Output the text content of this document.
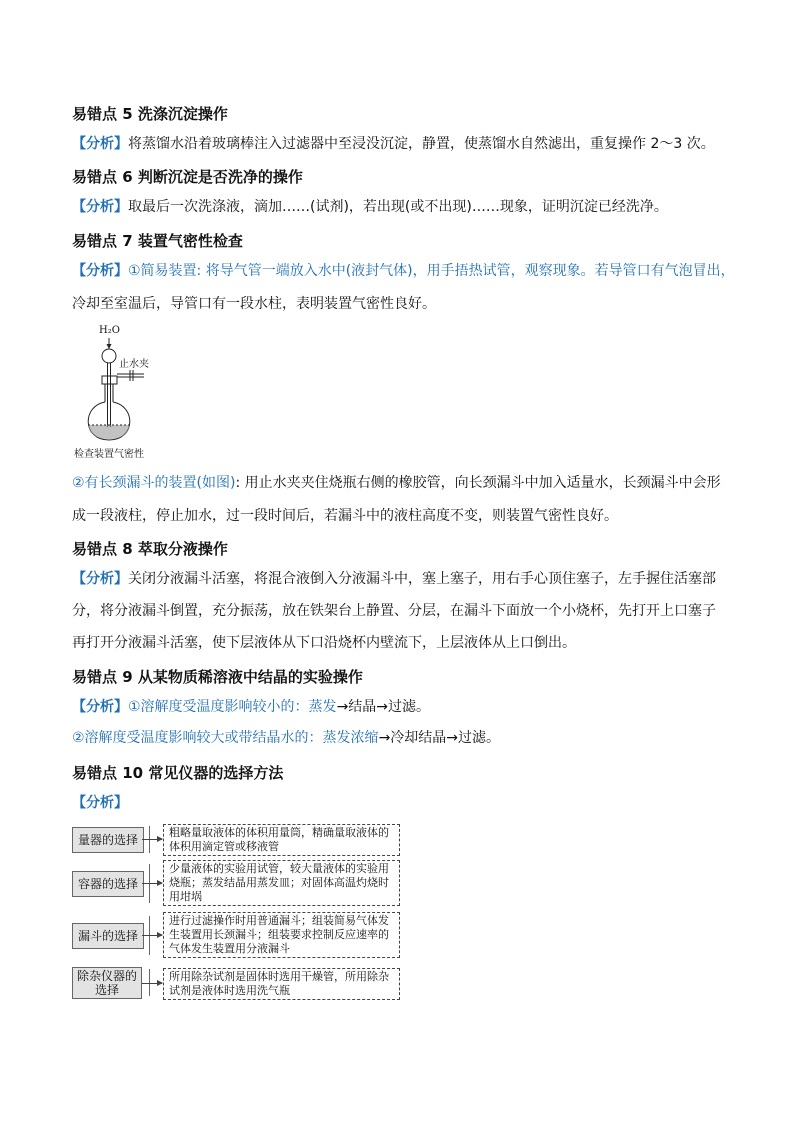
易错点 5 洗涤沉淀操作
【分析】将蒸馏水沿着玻璃棒注入过滤器中至浸没沉淀，静置，使蒸馏水自然滤出，重复操作 2～3 次。
易错点 6 判断沉淀是否洗净的操作
【分析】取最后一次洗涤液，滴加……(试剂)，若出现(或不出现)……现象，证明沉淀已经洗净。
易错点 7 装置气密性检查
【分析】①简易装置: 将导气管一端放入水中(液封气体)，用手捂热试管，观察现象。若导管口有气泡冒出，
冷却至室温后，导管口有一段水柱，表明装置气密性良好。
H₂O
止水夹
检查装置气密性
②有长颈漏斗的装置(如图): 用止水夹夹住烧瓶右侧的橡胶管，向长颈漏斗中加入适量水，长颈漏斗中会形
成一段液柱，停止加水，过一段时间后，若漏斗中的液柱高度不变，则装置气密性良好。
易错点 8 萃取分液操作
【分析】关闭分液漏斗活塞，将混合液倒入分液漏斗中，塞上塞子，用右手心顶住塞子，左手握住活塞部
分，将分液漏斗倒置，充分振荡，放在铁架台上静置、分层，在漏斗下面放一个小烧杯，先打开上口塞子
再打开分液漏斗活塞，使下层液体从下口沿烧杯内壁流下，上层液体从上口倒出。
易错点 9 从某物质稀溶液中结晶的实验操作
【分析】①溶解度受温度影响较小的：蒸发→结晶→过滤。
②溶解度受温度影响较大或带结晶水的：蒸发浓缩→冷却结晶→过滤。
易错点 10 常见仪器的选择方法
【分析】
量器的选择
粗略量取液体的体积用量筒，精确量取液体的体积用滴定管或移液管
容器的选择
少量液体的实验用试管，较大量液体的实验用烧瓶；蒸发结晶用蒸发皿；对固体高温灼烧时用坩埚
漏斗的选择
进行过滤操作时用普通漏斗；组装简易气体发生装置用长颈漏斗；组装要求控制反应速率的气体发生装置用分液漏斗
除杂仪器的选择
所用除杂试剂是固体时选用干燥管，所用除杂试剂是液体时选用洗气瓶
